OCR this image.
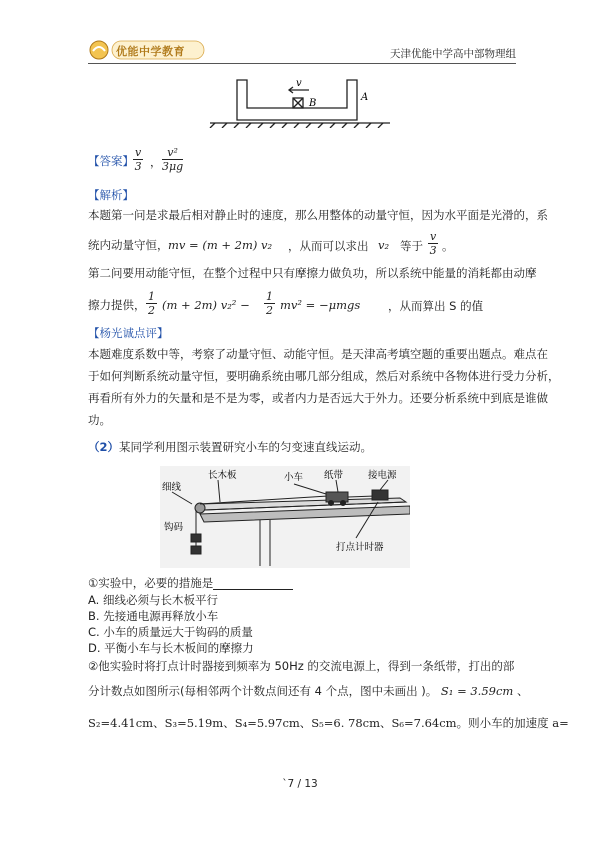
优能中学教育	天津优能中学高中部物理组
v
B
A
【答案】 $\frac{v}{3}$ ， $\frac{\text{v²}}{3\mu g}$
【解析】
本题第一问是求最后相对静止时的速度，那么用整体的动量守恒，因为水平面是光滑的，系
统内动量守恒， mv = (m + 2m) v₂ ，从而可以求出 v₂ 等于 $\frac{v}{3}$ 。
第二问要用动能守恒，在整个过程中只有摩擦力做负功，所以系统中能量的消耗都由动摩
擦力提供， $\frac{1}{2} (m + 2m) v_2^2 - \frac{1}{2} mv^2 = -\mu mgs$ ，从而算出 S 的值
【杨光诚点评】
本题难度系数中等，考察了动量守恒、动能守恒。是天津高考填空题的重要出题点。难点在
于如何判断系统动量守恒，要明确系统由哪几部分组成，然后对系统中各物体进行受力分析，
再看所有外力的矢量和是不是为零，或者内力是否远大于外力。还要分析系统中到底是谁做
功。
（2）某同学利用图示装置研究小车的匀变速直线运动。
长木板	小车 纸带	接电源
细线
钩码
打点计时器
①实验中，必要的措施是
A. 细线必须与长木板平行
B. 先接通电源再释放小车
C. 小车的质量远大于钩码的质量
D. 平衡小车与长木板间的摩擦力
②他实验时将打点计时器接到频率为 50Hz 的交流电源上，得到一条纸带，打出的部
分计数点如图所示(每相邻两个计数点间还有 4 个点，图中未画出 )。 S₁ = 3.59cm 、
S₂=4.41cm、S₃=5.19m、S₄=5.97cm、S₅=6. 78cm、S₆=7.64cm。则小车的加速度 a=
`7 / 13
